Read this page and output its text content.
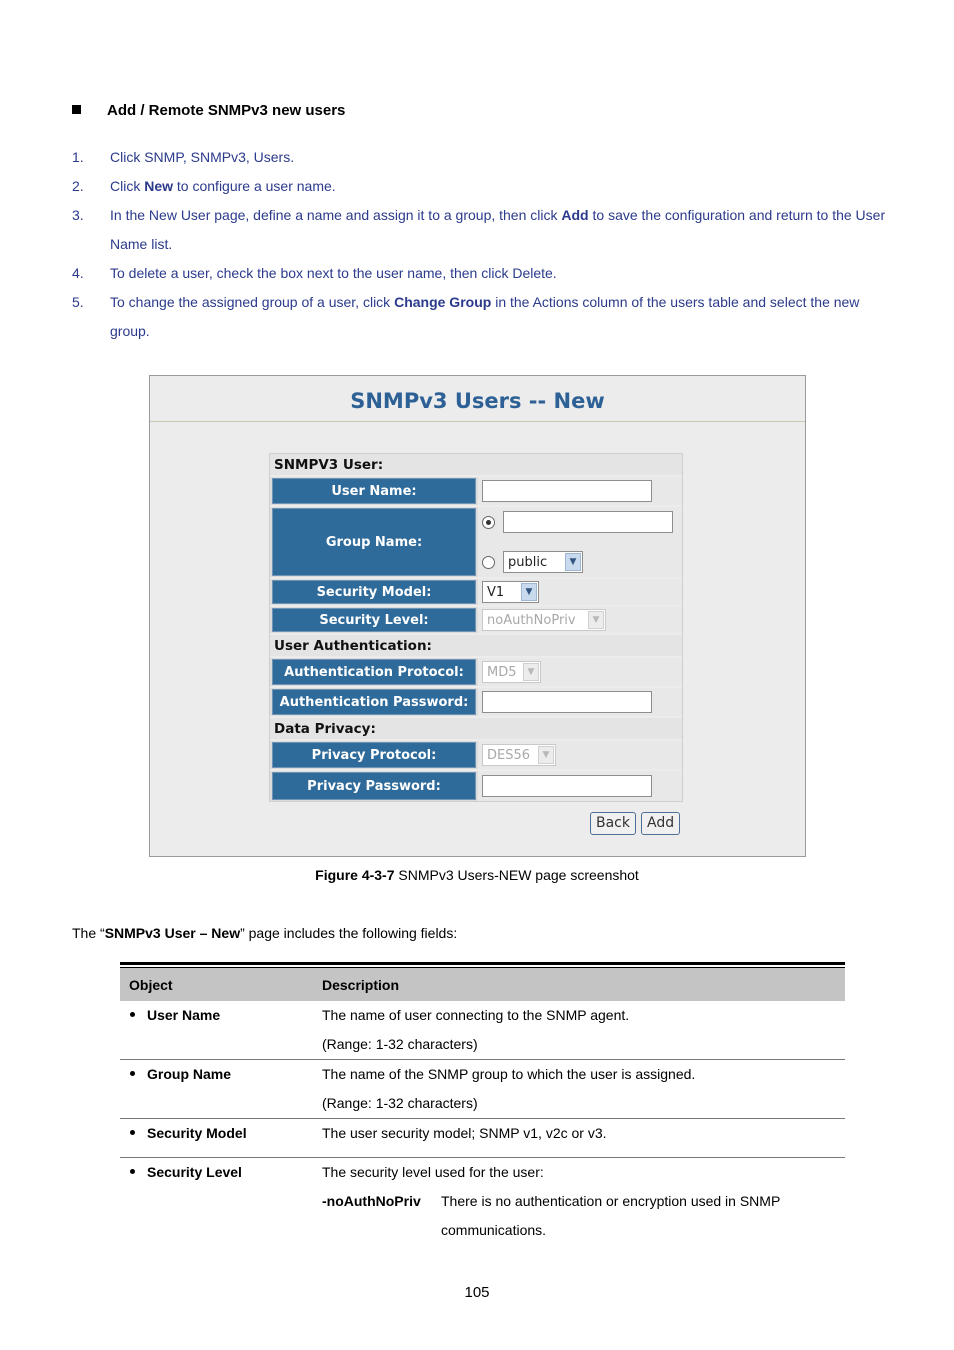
Add / Remote SNMPv3 new users
1.	Click SNMP, SNMPv3, Users.
2.	Click New to configure a user name.
3.	In the New User page, define a name and assign it to a group, then click Add to save the configuration and return to the User Name list.
4.	To delete a user, check the box next to the user name, then click Delete.
5.	To change the assigned group of a user, click Change Group in the Actions column of the users table and select the new group.
SNMPv3 Users -- New
SNMPV3 User:
User Name:
Group Name:
public	▼
Security Model:	V1	▼
Security Level:	noAuthNoPriv	▼
User Authentication:
Authentication Protocol:	MD5	▼
Authentication Password:
Data Privacy:
Privacy Protocol:	DES56	▼
Privacy Password:
Back	Add
Figure 4-3-7 SNMPv3 Users-NEW page screenshot
The “SNMPv3 User – New” page includes the following fields:
Object	Description
User Name	The name of user connecting to the SNMP agent.
(Range: 1-32 characters)
Group Name	The name of the SNMP group to which the user is assigned.
(Range: 1-32 characters)
Security Model	The user security model; SNMP v1, v2c or v3.
Security Level	The security level used for the user:
-noAuthNoPriv	There is no authentication or encryption used in SNMP
communications.
105
